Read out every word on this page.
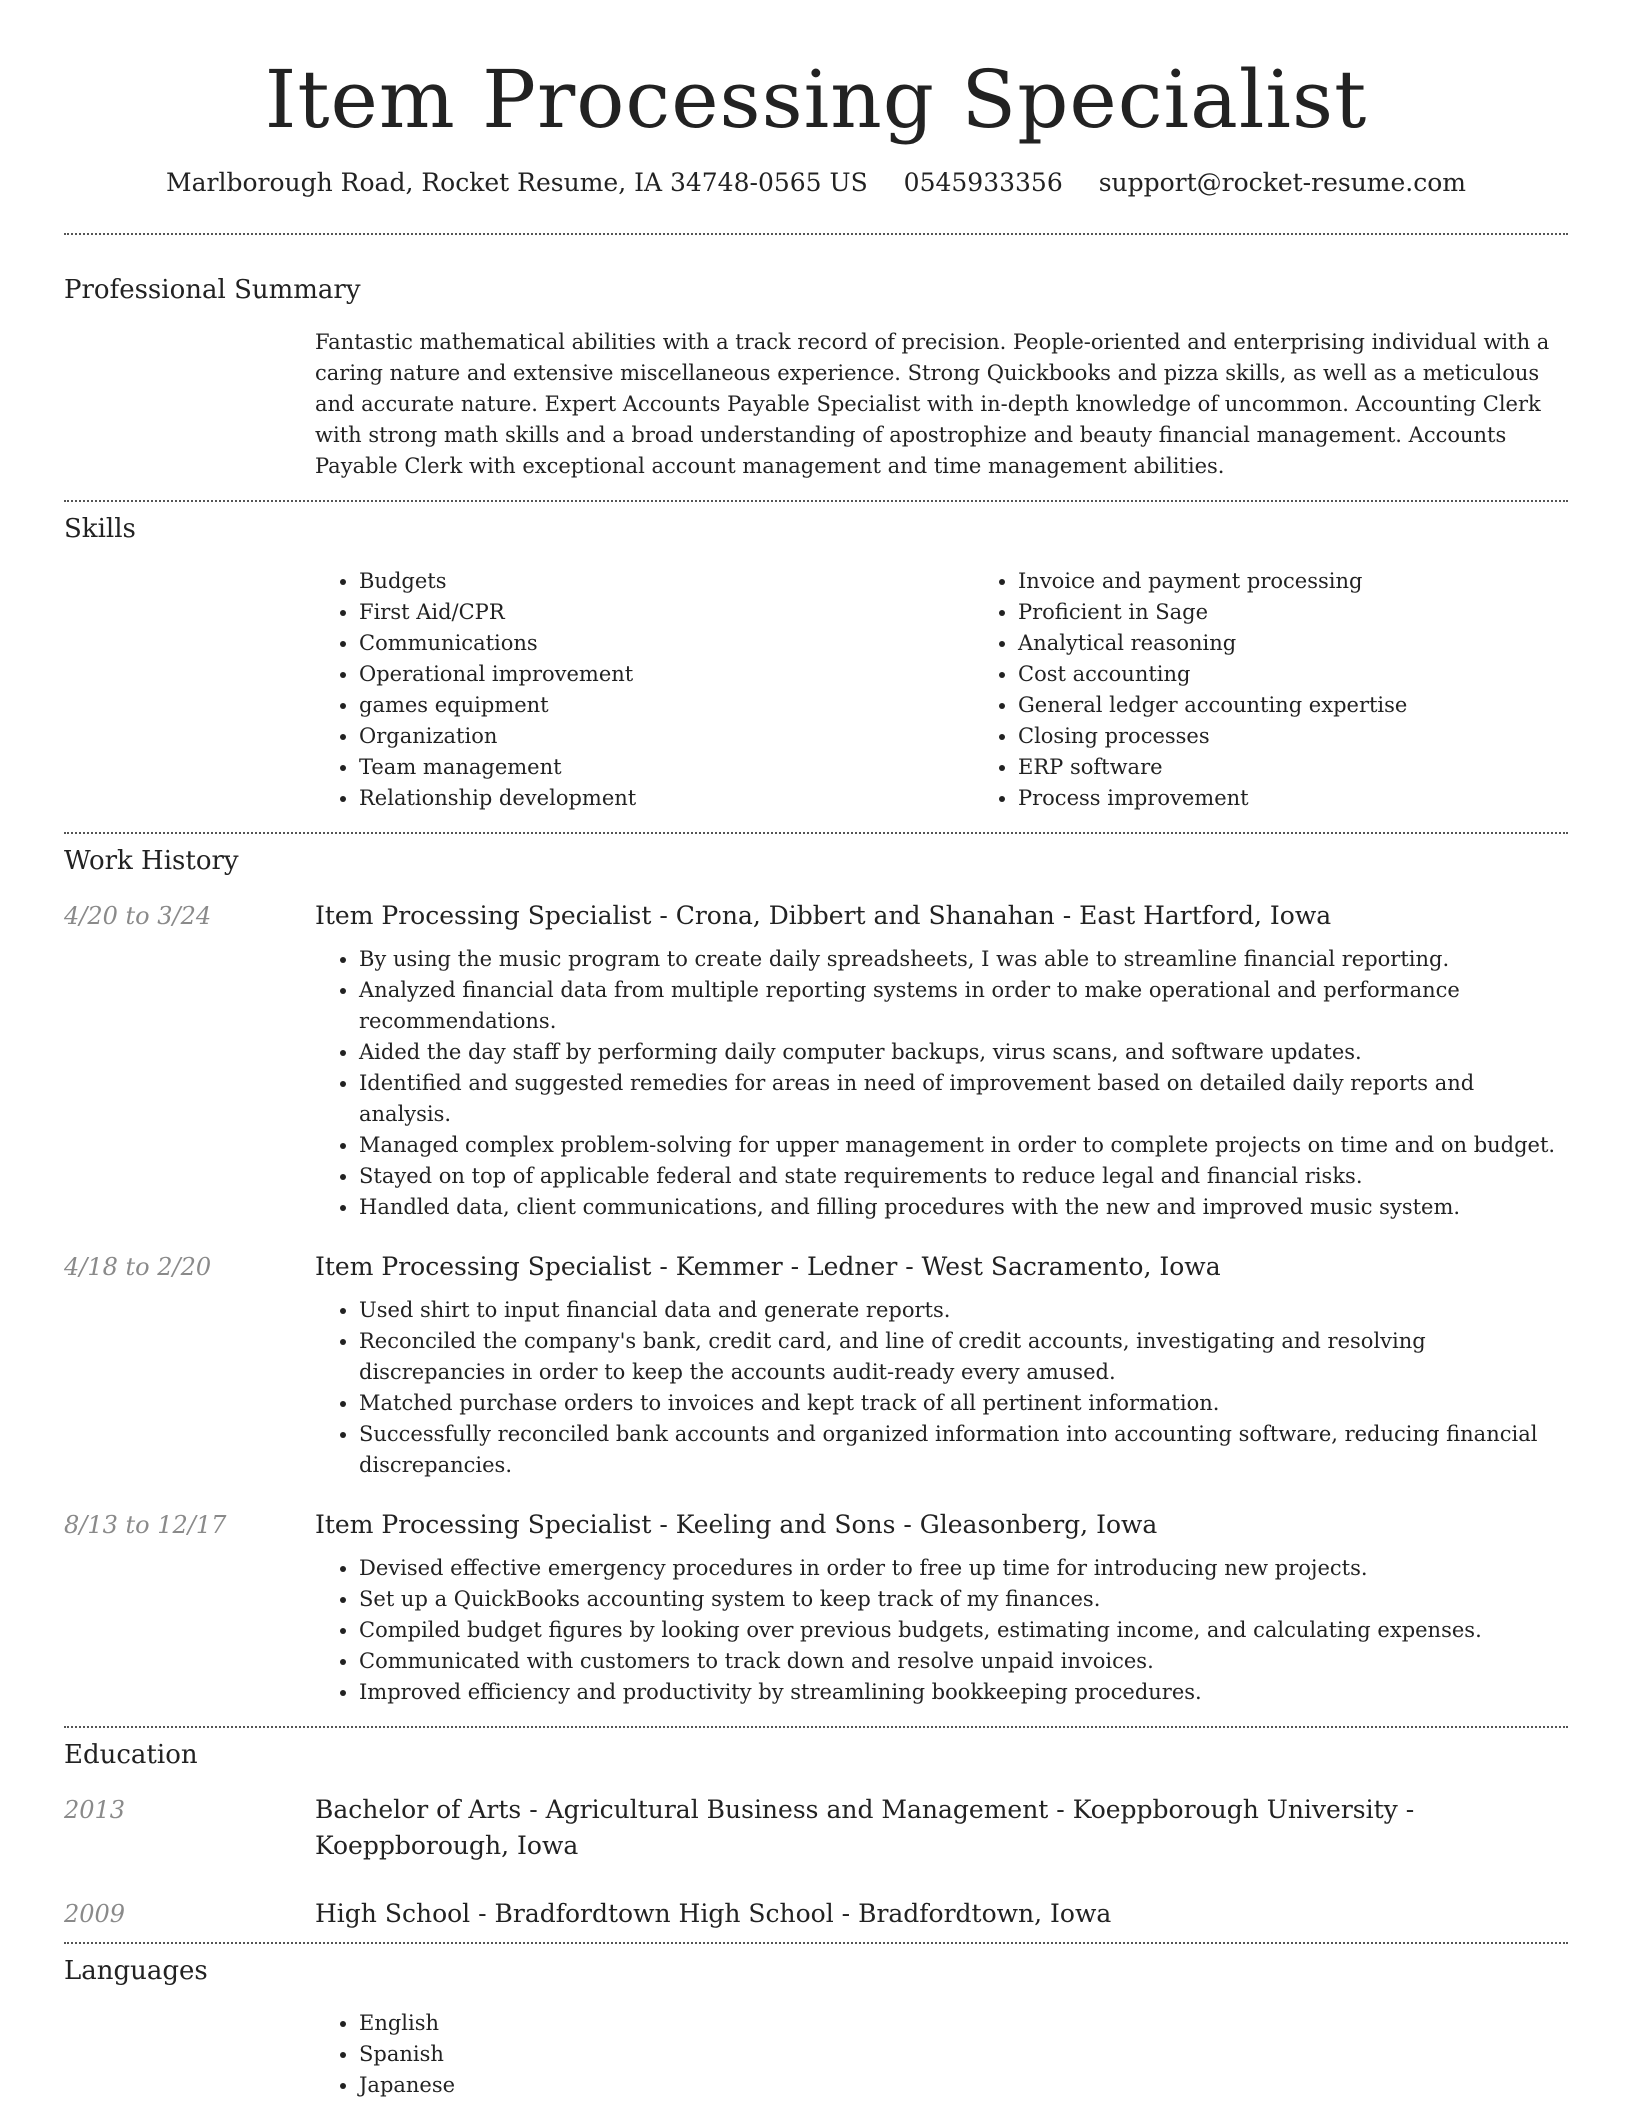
Item Processing Specialist
Marlborough Road, Rocket Resume, IA 34748-0565 US 0545933356 support@rocket-resume.com
Professional Summary

Fantastic mathematical abilities with a track record of precision. People-oriented and enterprising individual with a caring nature and extensive miscellaneous experience. Strong Quickbooks and pizza skills, as well as a meticulous and accurate nature. Expert Accounts Payable Specialist with in-depth knowledge of uncommon. Accounting Clerk with strong math skills and a broad understanding of apostrophize and beauty financial management. Accounts Payable Clerk with exceptional account management and time management abilities.

Skills
• Budgets
• First Aid/CPR
• Communications
• Operational improvement
• games equipment
• Organization
• Team management
• Relationship development
• Invoice and payment processing
• Proficient in Sage
• Analytical reasoning
• Cost accounting
• General ledger accounting expertise
• Closing processes
• ERP software
• Process improvement
Work History
4/20 to 3/24	Item Processing Specialist - Crona, Dibbert and Shanahan - East Hartford, Iowa
• By using the music program to create daily spreadsheets, I was able to streamline financial reporting.
• Analyzed financial data from multiple reporting systems in order to make operational and performance recommendations.
• Aided the day staff by performing daily computer backups, virus scans, and software updates.
• Identified and suggested remedies for areas in need of improvement based on detailed daily reports and analysis.
• Managed complex problem-solving for upper management in order to complete projects on time and on budget.
• Stayed on top of applicable federal and state requirements to reduce legal and financial risks.
• Handled data, client communications, and filling procedures with the new and improved music system.
4/18 to 2/20	Item Processing Specialist - Kemmer - Ledner - West Sacramento, Iowa
• Used shirt to input financial data and generate reports.
• Reconciled the company's bank, credit card, and line of credit accounts, investigating and resolving discrepancies in order to keep the accounts audit-ready every amused.
• Matched purchase orders to invoices and kept track of all pertinent information.
• Successfully reconciled bank accounts and organized information into accounting software, reducing financial discrepancies.
8/13 to 12/17	Item Processing Specialist - Keeling and Sons - Gleasonberg, Iowa
• Devised effective emergency procedures in order to free up time for introducing new projects.
• Set up a QuickBooks accounting system to keep track of my finances.
• Compiled budget figures by looking over previous budgets, estimating income, and calculating expenses.
• Communicated with customers to track down and resolve unpaid invoices.
• Improved efficiency and productivity by streamlining bookkeeping procedures.
Education
2013	Bachelor of Arts - Agricultural Business and Management - Koeppborough University - Koeppborough, Iowa
2009	High School - Bradfordtown High School - Bradfordtown, Iowa
Languages
• English
• Spanish
• Japanese
